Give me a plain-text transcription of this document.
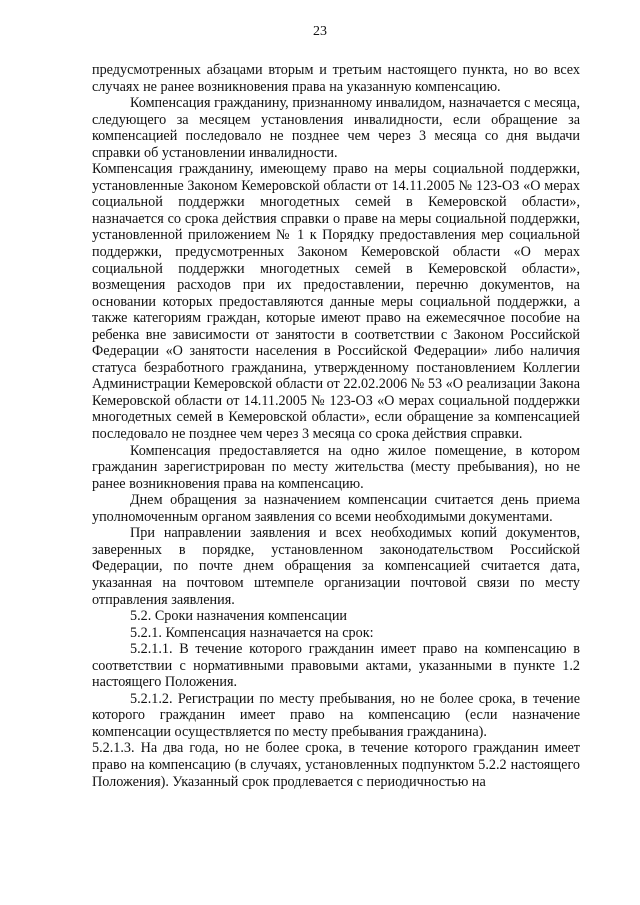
23

предусмотренных абзацами вторым и третьим настоящего пункта, но во всех случаях не ранее возникновения права на указанную компенсацию.

Компенсация гражданину, признанному инвалидом, назначается с месяца, следующего за месяцем установления инвалидности, если обращение за компенсацией последовало не позднее чем через 3 месяца со дня выдачи справки об установлении инвалидности.

Компенсация гражданину, имеющему право на меры социальной поддержки, установленные Законом Кемеровской области от 14.11.2005 № 123-ОЗ «О мерах социальной поддержки многодетных семей в Кемеровской области», назначается со срока действия справки о праве на меры социальной поддержки, установленной приложением № 1 к Порядку предоставления мер социальной поддержки, предусмотренных Законом Кемеровской области «О мерах социальной поддержки многодетных семей в Кемеровской области», возмещения расходов при их предоставлении, перечню документов, на основании которых предоставляются данные меры социальной поддержки, а также категориям граждан, которые имеют право на ежемесячное пособие на ребенка вне зависимости от занятости в соответствии с Законом Российской Федерации «О занятости населения в Российской Федерации» либо наличия статуса безработного гражданина, утвержденному постановлением Коллегии Администрации Кемеровской области от 22.02.2006 № 53 «О реализации Закона Кемеровской области от 14.11.2005 № 123-ОЗ «О мерах социальной поддержки многодетных семей в Кемеровской области», если обращение за компенсацией последовало не позднее чем через 3 месяца со срока действия справки.

Компенсация предоставляется на одно жилое помещение, в котором гражданин зарегистрирован по месту жительства (месту пребывания), но не ранее возникновения права на компенсацию.

Днем обращения за назначением компенсации считается день приема уполномоченным органом заявления со всеми необходимыми документами.

При направлении заявления и всех необходимых копий документов, заверенных в порядке, установленном законодательством Российской Федерации, по почте днем обращения за компенсацией считается дата, указанная на почтовом штемпеле организации почтовой связи по месту отправления заявления.

5.2. Сроки назначения компенсации

5.2.1. Компенсация назначается на срок:

5.2.1.1. В течение которого гражданин имеет право на компенсацию в соответствии с нормативными правовыми актами, указанными в пункте 1.2 настоящего Положения.

5.2.1.2. Регистрации по месту пребывания, но не более срока, в течение которого гражданин имеет право на компенсацию (если назначение компенсации осуществляется по месту пребывания гражданина).

5.2.1.3. На два года, но не более срока, в течение которого гражданин имеет право на компенсацию (в случаях, установленных подпунктом 5.2.2 настоящего Положения). Указанный срок продлевается с периодичностью на
